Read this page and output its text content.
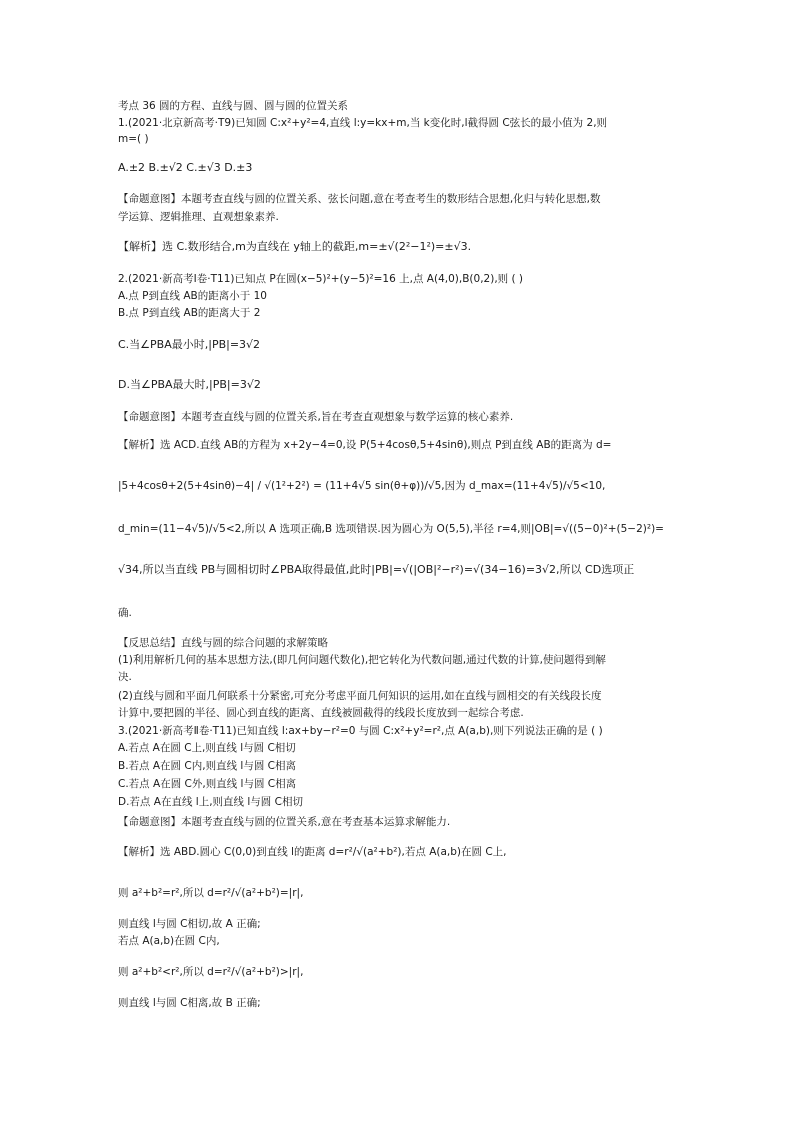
考点 36 圆的方程、直线与圆、圆与圆的位置关系
1.(2021·北京新高考·T9)已知圆 C:x²+y²=4,直线 l:y=kx+m,当 k变化时,l截得圆 C弦长的最小值为 2,则
m=( )
A.±2 B.±√2 C.±√3 D.±3
【命题意图】本题考查直线与圆的位置关系、弦长问题,意在考查考生的数形结合思想,化归与转化思想,数
学运算、逻辑推理、直观想象素养.
【解析】选 C.数形结合,m为直线在 y轴上的截距,m=±√(2²−1²)=±√3.
2.(2021·新高考Ⅰ卷·T11)已知点 P在圆(x−5)²+(y−5)²=16 上,点 A(4,0),B(0,2),则 ( )
A.点 P到直线 AB的距离小于 10
B.点 P到直线 AB的距离大于 2
C.当∠PBA最小时,|PB|=3√2
D.当∠PBA最大时,|PB|=3√2
【命题意图】本题考查直线与圆的位置关系,旨在考查直观想象与数学运算的核心素养.
【解析】选 ACD.直线 AB的方程为 x+2y−4=0,设 P(5+4cosθ,5+4sinθ),则点 P到直线 AB的距离为 d=
|5+4cosθ+2(5+4sinθ)−4| / √(1²+2²) = (11+4√5 sin(θ+φ))/√5,因为 d_max=(11+4√5)/√5<10,
d_min=(11−4√5)/√5<2,所以 A 选项正确,B 选项错误.因为圆心为 O(5,5),半径 r=4,则|OB|=√((5−0)²+(5−2)²)=
√34,所以当直线 PB与圆相切时∠PBA取得最值,此时|PB|=√(|OB|²−r²)=√(34−16)=3√2,所以 CD选项正
确.
【反思总结】直线与圆的综合问题的求解策略
(1)利用解析几何的基本思想方法,(即几何问题代数化),把它转化为代数问题,通过代数的计算,使问题得到解
决.
(2)直线与圆和平面几何联系十分紧密,可充分考虑平面几何知识的运用,如在直线与圆相交的有关线段长度
计算中,要把圆的半径、圆心到直线的距离、直线被圆截得的线段长度放到一起综合考虑.
3.(2021·新高考Ⅱ卷·T11)已知直线 l:ax+by−r²=0 与圆 C:x²+y²=r²,点 A(a,b),则下列说法正确的是 ( )
A.若点 A在圆 C上,则直线 l与圆 C相切
B.若点 A在圆 C内,则直线 l与圆 C相离
C.若点 A在圆 C外,则直线 l与圆 C相离
D.若点 A在直线 l上,则直线 l与圆 C相切
【命题意图】本题考查直线与圆的位置关系,意在考查基本运算求解能力.
【解析】选 ABD.圆心 C(0,0)到直线 l的距离 d=r²/√(a²+b²),若点 A(a,b)在圆 C上,
则 a²+b²=r²,所以 d=r²/√(a²+b²)=|r|,
则直线 l与圆 C相切,故 A 正确;
若点 A(a,b)在圆 C内,
则 a²+b²<r²,所以 d=r²/√(a²+b²)>|r|,
则直线 l与圆 C相离,故 B 正确;
